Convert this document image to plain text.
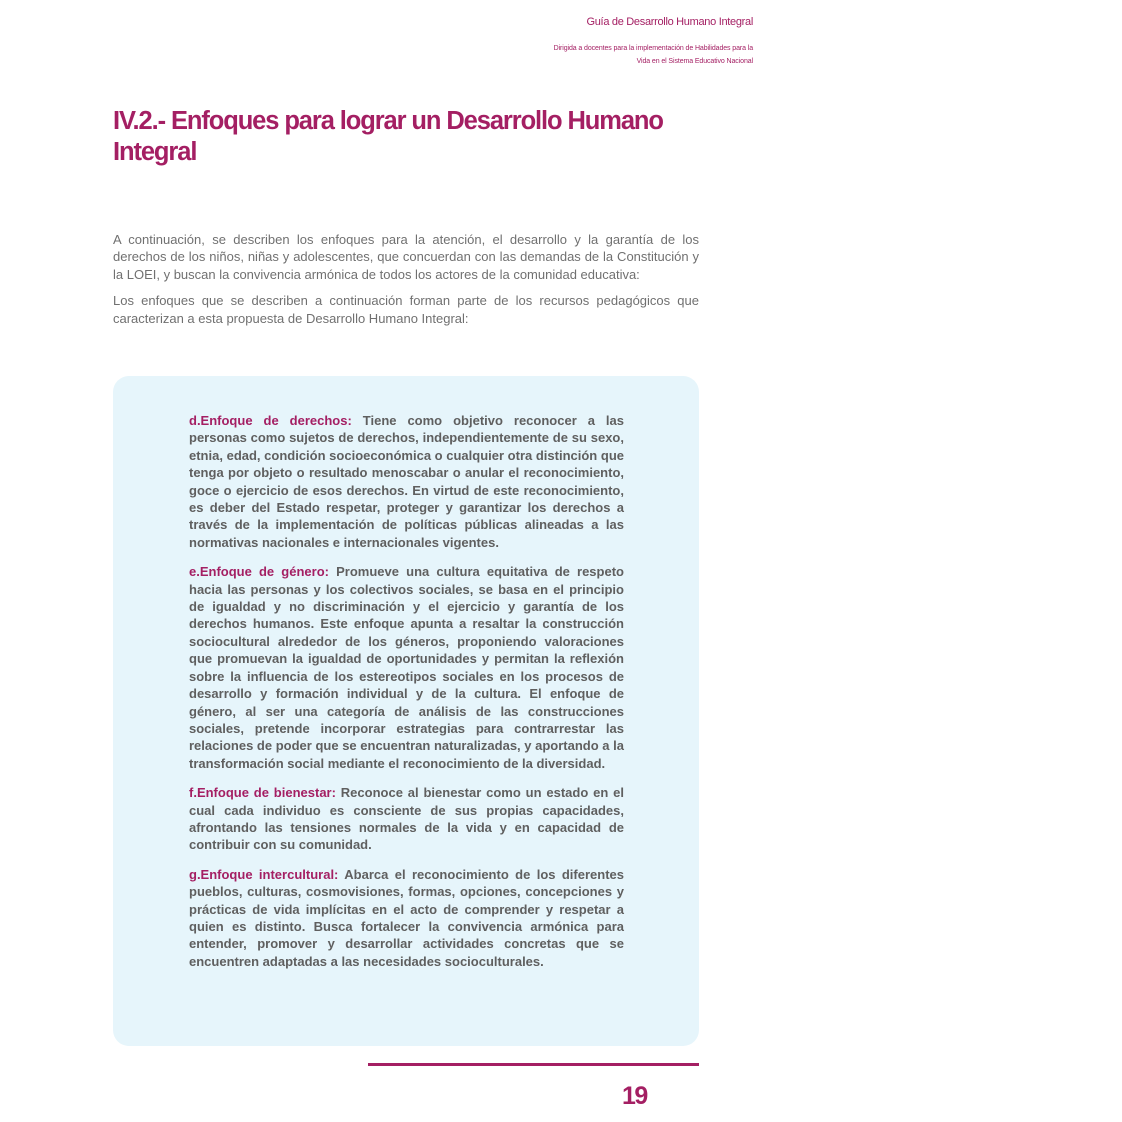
Guía de Desarrollo Humano Integral
Dirigida a docentes para la implementación de Habilidades para la
Vida en el Sistema Educativo Nacional
IV.2.- Enfoques para lograr un Desarrollo Humano Integral

A continuación, se describen los enfoques para la atención, el desarrollo y la garantía de los derechos de los niños, niñas y adolescentes, que concuerdan con las demandas de la Constitución y la LOEI, y buscan la convivencia armónica de todos los actores de la comunidad educativa:

Los enfoques que se describen a continuación forman parte de los recursos pedagógicos que caracterizan a esta propuesta de Desarrollo Humano Integral:

d.Enfoque de derechos: Tiene como objetivo reconocer a las personas como sujetos de derechos, independientemente de su sexo, etnia, edad, condición socioeconómica o cualquier otra distinción que tenga por objeto o resultado menoscabar o anular el reconocimiento, goce o ejercicio de esos derechos. En virtud de este reconocimiento, es deber del Estado respetar, proteger y garantizar los derechos a través de la implementación de políticas públicas alineadas a las normativas nacionales e internacionales vigentes.

e.Enfoque de género: Promueve una cultura equitativa de respeto hacia las personas y los colectivos sociales, se basa en el principio de igualdad y no discriminación y el ejercicio y garantía de los derechos humanos. Este enfoque apunta a resaltar la construcción sociocultural alrededor de los géneros, proponiendo valoraciones que promuevan la igualdad de oportunidades y permitan la reflexión sobre la influencia de los estereotipos sociales en los procesos de desarrollo y formación individual y de la cultura. El enfoque de género, al ser una categoría de análisis de las construcciones sociales, pretende incorporar estrategias para contrarrestar las relaciones de poder que se encuentran naturalizadas, y aportando a la transformación social mediante el reconocimiento de la diversidad.

f.Enfoque de bienestar: Reconoce al bienestar como un estado en el cual cada individuo es consciente de sus propias capacidades, afrontando las tensiones normales de la vida y en capacidad de contribuir con su comunidad.

g.Enfoque intercultural: Abarca el reconocimiento de los diferentes pueblos, culturas, cosmovisiones, formas, opciones, concepciones y prácticas de vida implícitas en el acto de comprender y respetar a quien es distinto. Busca fortalecer la convivencia armónica para entender, promover y desarrollar actividades concretas que se encuentren adaptadas a las necesidades socioculturales.

19
